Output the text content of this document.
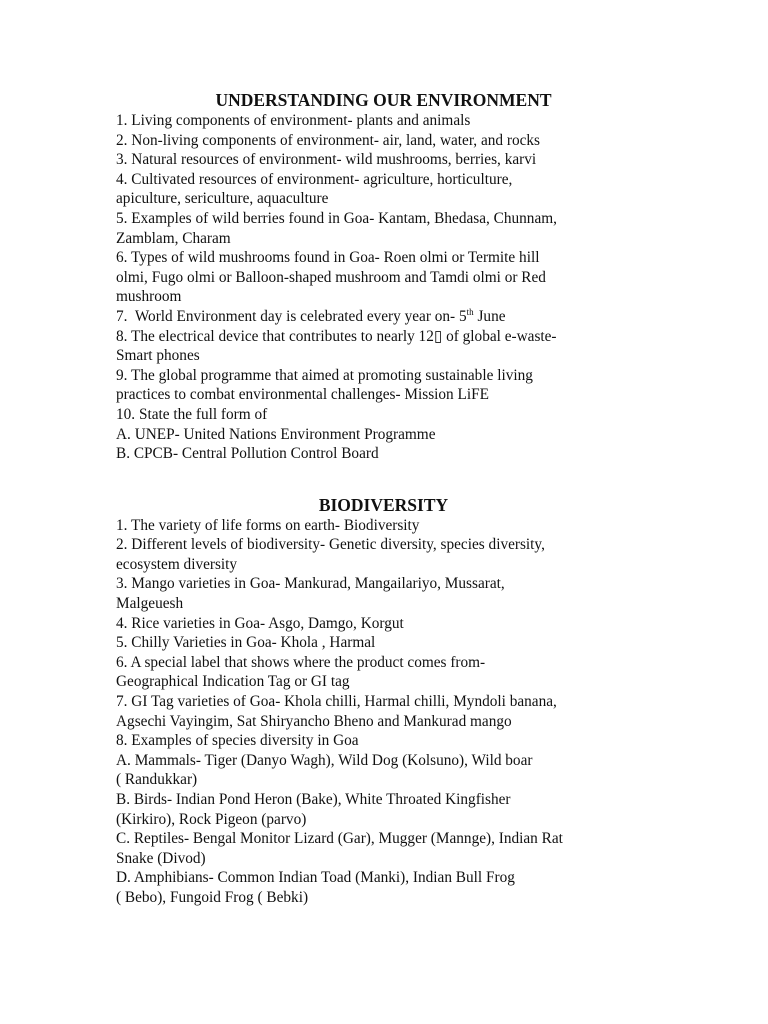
UNDERSTANDING OUR ENVIRONMENT
1. Living components of environment- plants and animals
2. Non-living components of environment- air, land, water, and rocks
3. Natural resources of environment- wild mushrooms, berries, karvi
4. Cultivated resources of environment- agriculture, horticulture,
apiculture, sericulture, aquaculture
5. Examples of wild berries found in Goa- Kantam, Bhedasa, Chunnam,
Zamblam, Charam
6. Types of wild mushrooms found in Goa- Roen olmi or Termite hill
olmi, Fugo olmi or Balloon-shaped mushroom and Tamdi olmi or Red
mushroom
7.  World Environment day is celebrated every year on- 5th June
8. The electrical device that contributes to nearly 12▯ of global e-waste-
Smart phones
9. The global programme that aimed at promoting sustainable living
practices to combat environmental challenges- Mission LiFE
10. State the full form of
A. UNEP- United Nations Environment Programme
B. CPCB- Central Pollution Control Board
BIODIVERSITY
1. The variety of life forms on earth- Biodiversity
2. Different levels of biodiversity- Genetic diversity, species diversity,
ecosystem diversity
3. Mango varieties in Goa- Mankurad, Mangailariyo, Mussarat,
Malgeuesh
4. Rice varieties in Goa- Asgo, Damgo, Korgut
5. Chilly Varieties in Goa- Khola , Harmal
6. A special label that shows where the product comes from-
Geographical Indication Tag or GI tag
7. GI Tag varieties of Goa- Khola chilli, Harmal chilli, Myndoli banana,
Agsechi Vayingim, Sat Shiryancho Bheno and Mankurad mango
8. Examples of species diversity in Goa
A. Mammals- Tiger (Danyo Wagh), Wild Dog (Kolsuno), Wild boar
( Randukkar)
B. Birds- Indian Pond Heron (Bake), White Throated Kingfisher
(Kirkiro), Rock Pigeon (parvo)
C. Reptiles- Bengal Monitor Lizard (Gar), Mugger (Mannge), Indian Rat
Snake (Divod)
D. Amphibians- Common Indian Toad (Manki), Indian Bull Frog
( Bebo), Fungoid Frog ( Bebki)
